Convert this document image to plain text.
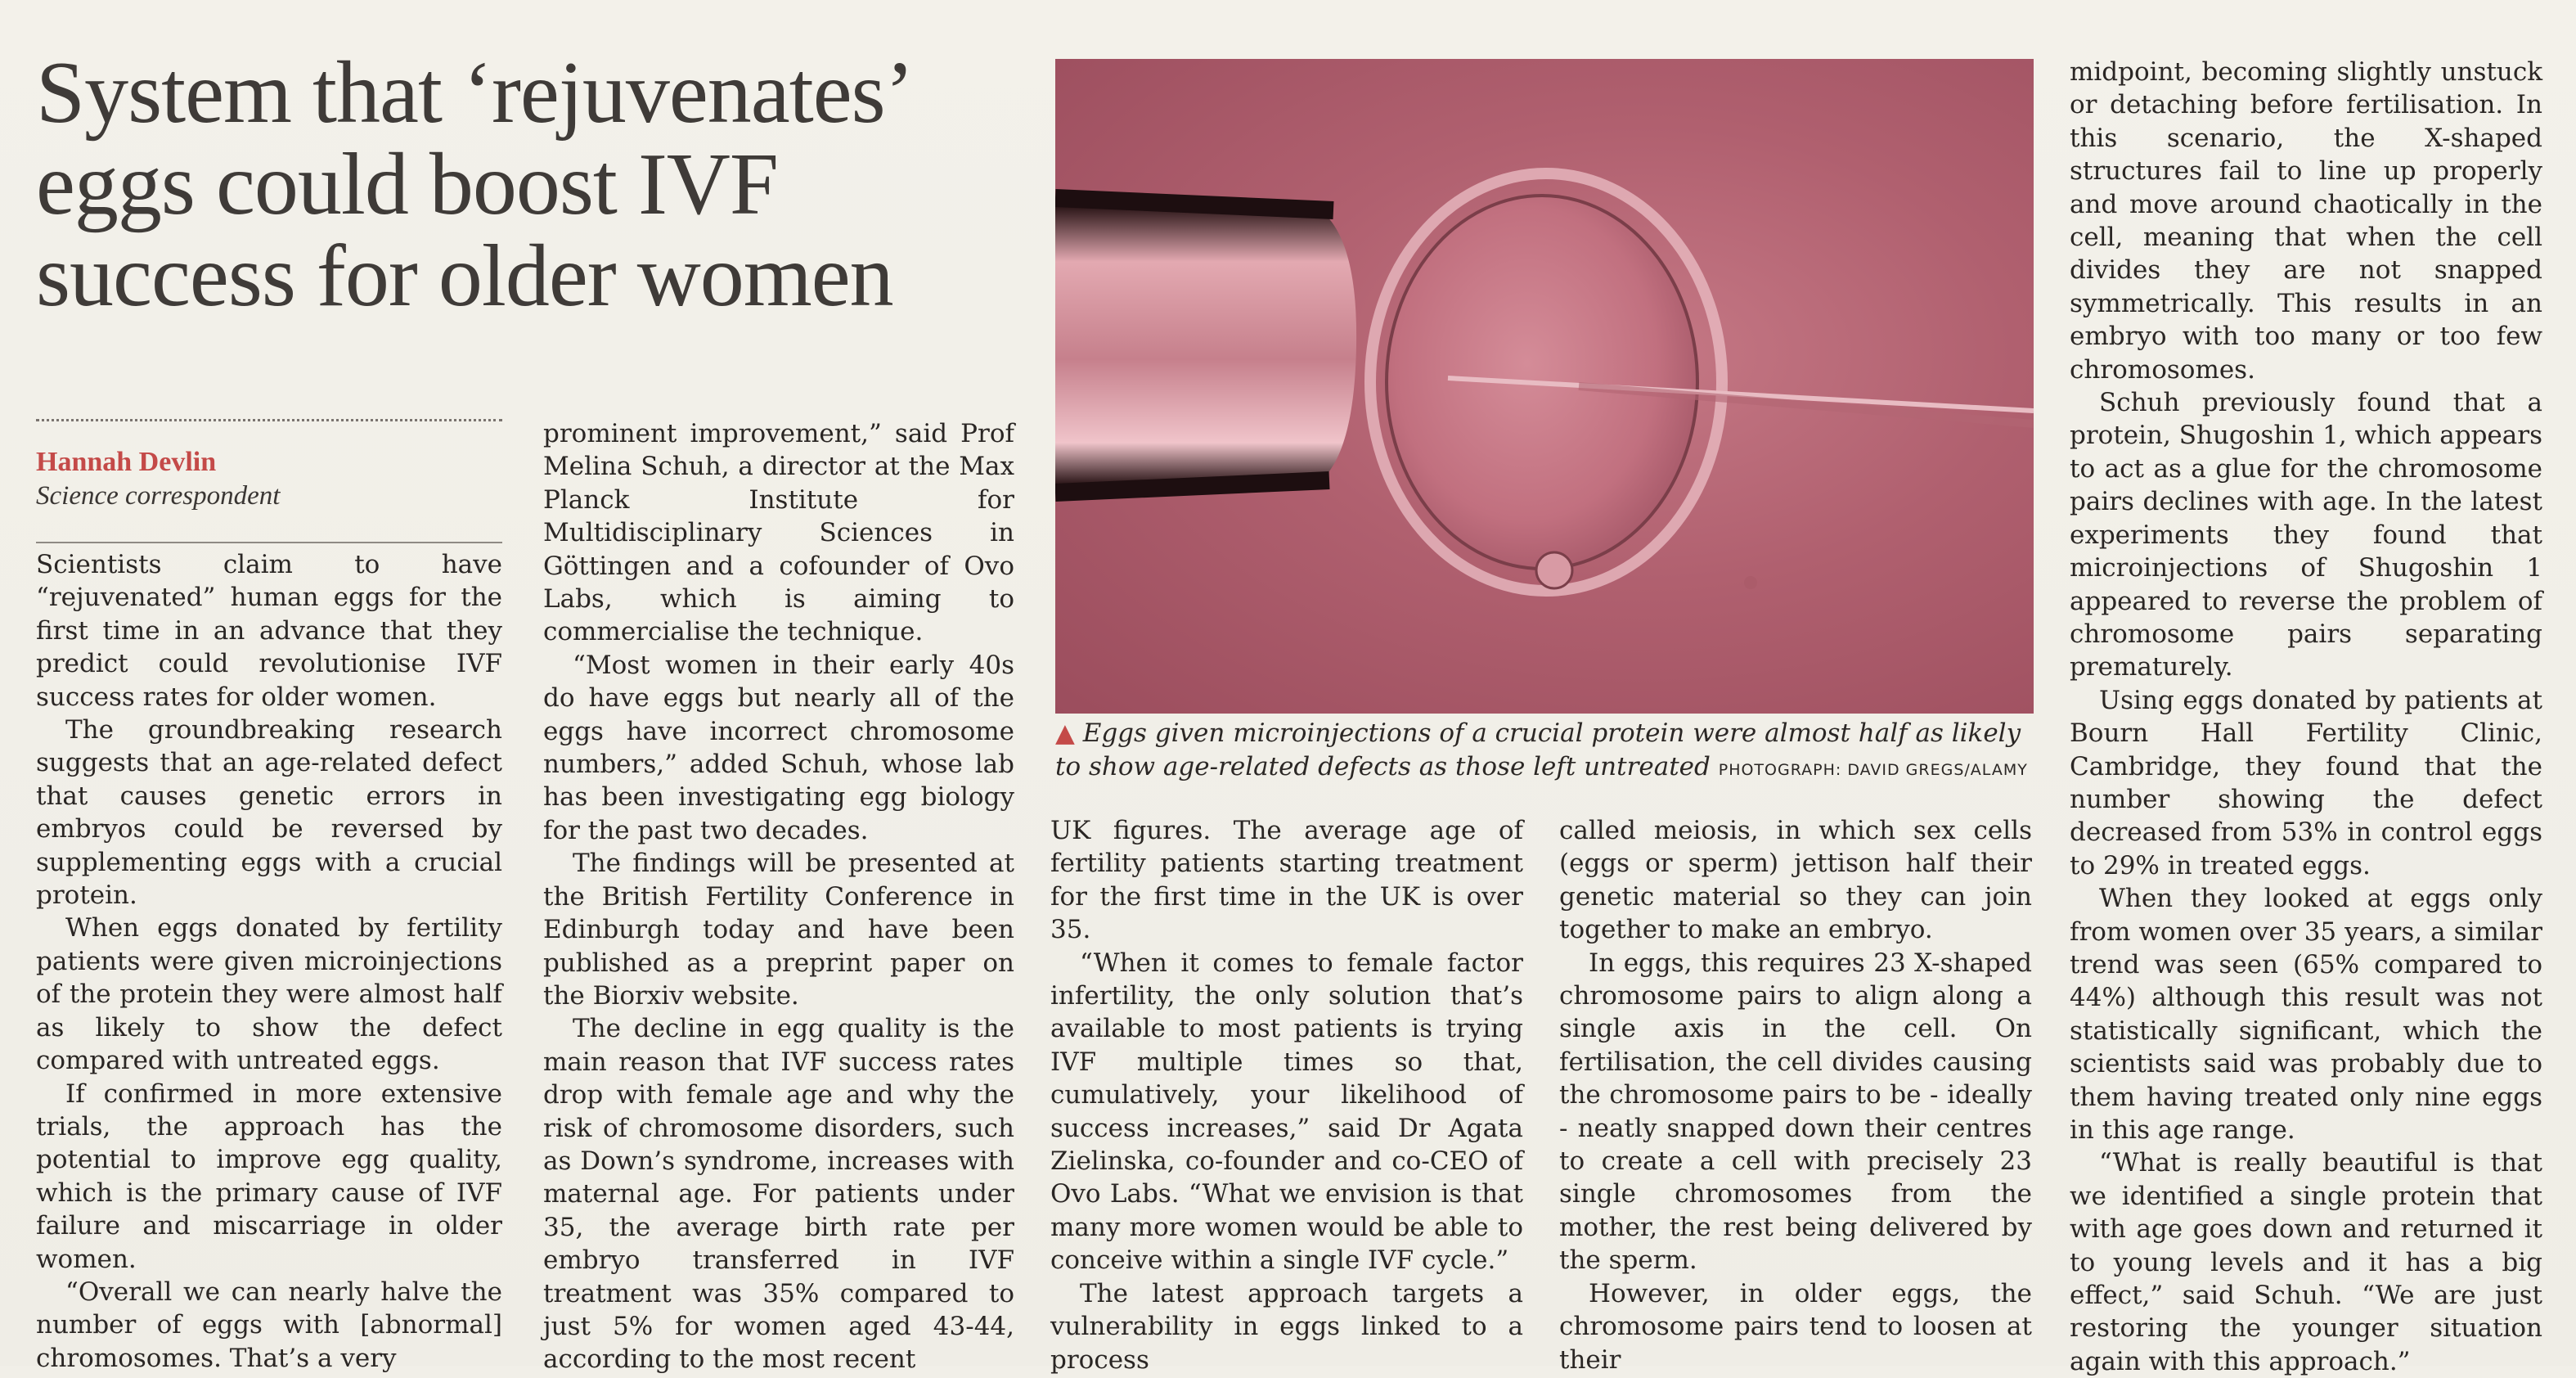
System that ‘rejuvenates’ eggs could boost IVF success for older women
Hannah Devlin
Science correspondent

Scientists claim to have “rejuvenated” human eggs for the first time in an advance that they predict could revolutionise IVF success rates for older women.

The groundbreaking research suggests that an age-related defect that causes genetic errors in embryos could be reversed by supplementing eggs with a crucial protein.

When eggs donated by fertility patients were given microinjections of the protein they were almost half as likely to show the defect compared with untreated eggs.

If confirmed in more extensive trials, the approach has the potential to improve egg quality, which is the primary cause of IVF failure and miscarriage in older women.

“Overall we can nearly halve the number of eggs with [abnormal] chromosomes. That’s a very

prominent improvement,” said Prof Melina Schuh, a director at the Max Planck Institute for Multidisciplinary Sciences in Göttingen and a cofounder of Ovo Labs, which is aiming to commercialise the technique.

“Most women in their early 40s do have eggs but nearly all of the eggs have incorrect chromosome numbers,” added Schuh, whose lab has been investigating egg biology for the past two decades.

The findings will be presented at the British Fertility Conference in Edinburgh today and have been published as a preprint paper on the Biorxiv website.

The decline in egg quality is the main reason that IVF success rates drop with female age and why the risk of chromosome disorders, such as Down’s syndrome, increases with maternal age. For patients under 35, the average birth rate per embryo transferred in IVF treatment was 35% compared to just 5% for women aged 43-44, according to the most recent

▲ Eggs given microinjections of a crucial protein were almost half as likely to show age-related defects as those left untreated PHOTOGRAPH: DAVID GREGS/ALAMY

UK figures. The average age of fertility patients starting treatment for the first time in the UK is over 35.

“When it comes to female factor infertility, the only solution that’s available to most patients is trying IVF multiple times so that, cumulatively, your likelihood of success increases,” said Dr Agata Zielinska, co-founder and co-CEO of Ovo Labs. “What we envision is that many more women would be able to conceive within a single IVF cycle.”

The latest approach targets a vulnerability in eggs linked to a process

called meiosis, in which sex cells (eggs or sperm) jettison half their genetic material so they can join together to make an embryo.

In eggs, this requires 23 X-shaped chromosome pairs to align along a single axis in the cell. On fertilisation, the cell divides causing the chromosome pairs to be - ideally - neatly snapped down their centres to create a cell with precisely 23 single chromosomes from the mother, the rest being delivered by the sperm.

However, in older eggs, the chromosome pairs tend to loosen at their

midpoint, becoming slightly unstuck or detaching before fertilisation. In this scenario, the X-shaped structures fail to line up properly and move around chaotically in the cell, meaning that when the cell divides they are not snapped symmetrically. This results in an embryo with too many or too few chromosomes.

Schuh previously found that a protein, Shugoshin 1, which appears to act as a glue for the chromosome pairs declines with age. In the latest experiments they found that microinjections of Shugoshin 1 appeared to reverse the problem of chromosome pairs separating prematurely.

Using eggs donated by patients at Bourn Hall Fertility Clinic, Cambridge, they found that the number showing the defect decreased from 53% in control eggs to 29% in treated eggs.

When they looked at eggs only from women over 35 years, a similar trend was seen (65% compared to 44%) although this result was not statistically significant, which the scientists said was probably due to them having treated only nine eggs in this age range.

“What is really beautiful is that we identified a single protein that with age goes down and returned it to young levels and it has a big effect,” said Schuh. “We are just restoring the younger situation again with this approach.”
